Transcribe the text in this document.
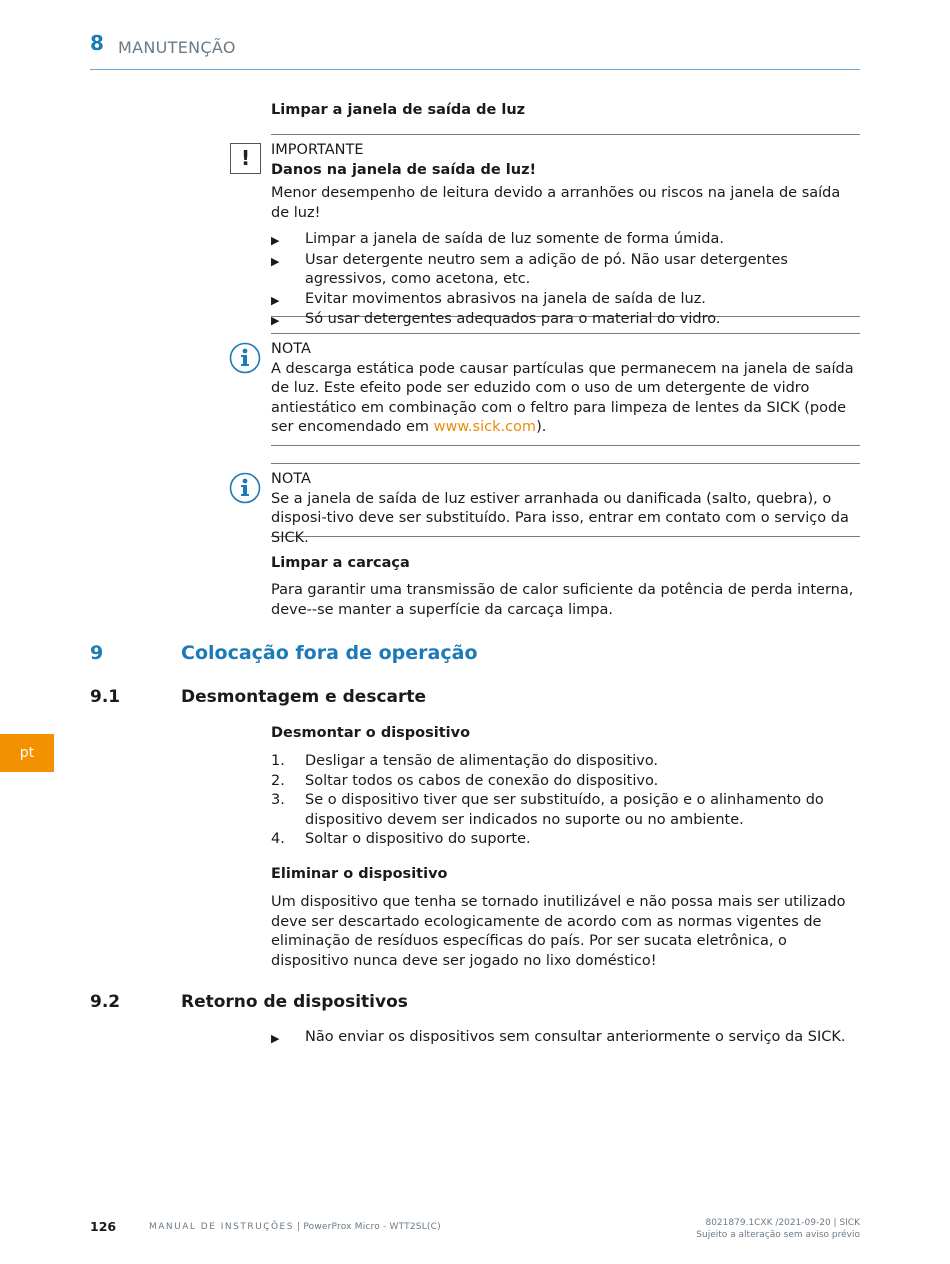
8 MANUTENÇÃO
Limpar a janela de saída de luz
!	IMPORTANTE
Danos na janela de saída de luz!
Menor desempenho de leitura devido a arranhões ou riscos na janela de saída de luz!
▶	Limpar a janela de saída de luz somente de forma úmida.
▶	Usar detergente neutro sem a adição de pó. Não usar detergentes agressivos, como acetona, etc.
▶	Evitar movimentos abrasivos na janela de saída de luz.
▶	Só usar detergentes adequados para o material do vidro.
NOTA
A descarga estática pode causar partículas que permanecem na janela de saída de luz. Este efeito pode ser eduzido com o uso de um detergente de vidro antiestático em combinação com o feltro para limpeza de lentes da SICK (pode ser encomendado em www.sick.com).
NOTA
Se a janela de saída de luz estiver arranhada ou danificada (salto, quebra), o disposi-tivo deve ser substituído. Para isso, entrar em contato com o serviço da SICK.
Limpar a carcaça
Para garantir uma transmissão de calor suficiente da potência de perda interna, deve--se manter a superfície da carcaça limpa.
9	Colocação fora de operação
9.1	Desmontagem e descarte
Desmontar o dispositivo
1.	Desligar a tensão de alimentação do dispositivo.
2.	Soltar todos os cabos de conexão do dispositivo.
3.	Se o dispositivo tiver que ser substituído, a posição e o alinhamento do dispositivo devem ser indicados no suporte ou no ambiente.
4.	Soltar o dispositivo do suporte.
Eliminar o dispositivo
Um dispositivo que tenha se tornado inutilizável e não possa mais ser utilizado deve ser descartado ecologicamente de acordo com as normas vigentes de eliminação de resíduos específicas do país. Por ser sucata eletrônica, o dispositivo nunca deve ser jogado no lixo doméstico!
9.2	Retorno de dispositivos
▶	Não enviar os dispositivos sem consultar anteriormente o serviço da SICK.
pt
126	MANUAL DE INSTRUÇÕES | PowerProx Micro - WTT2SL(C)	8021879.1CXK /2021-09-20 | SICK
Sujeito a alteração sem aviso prévio
